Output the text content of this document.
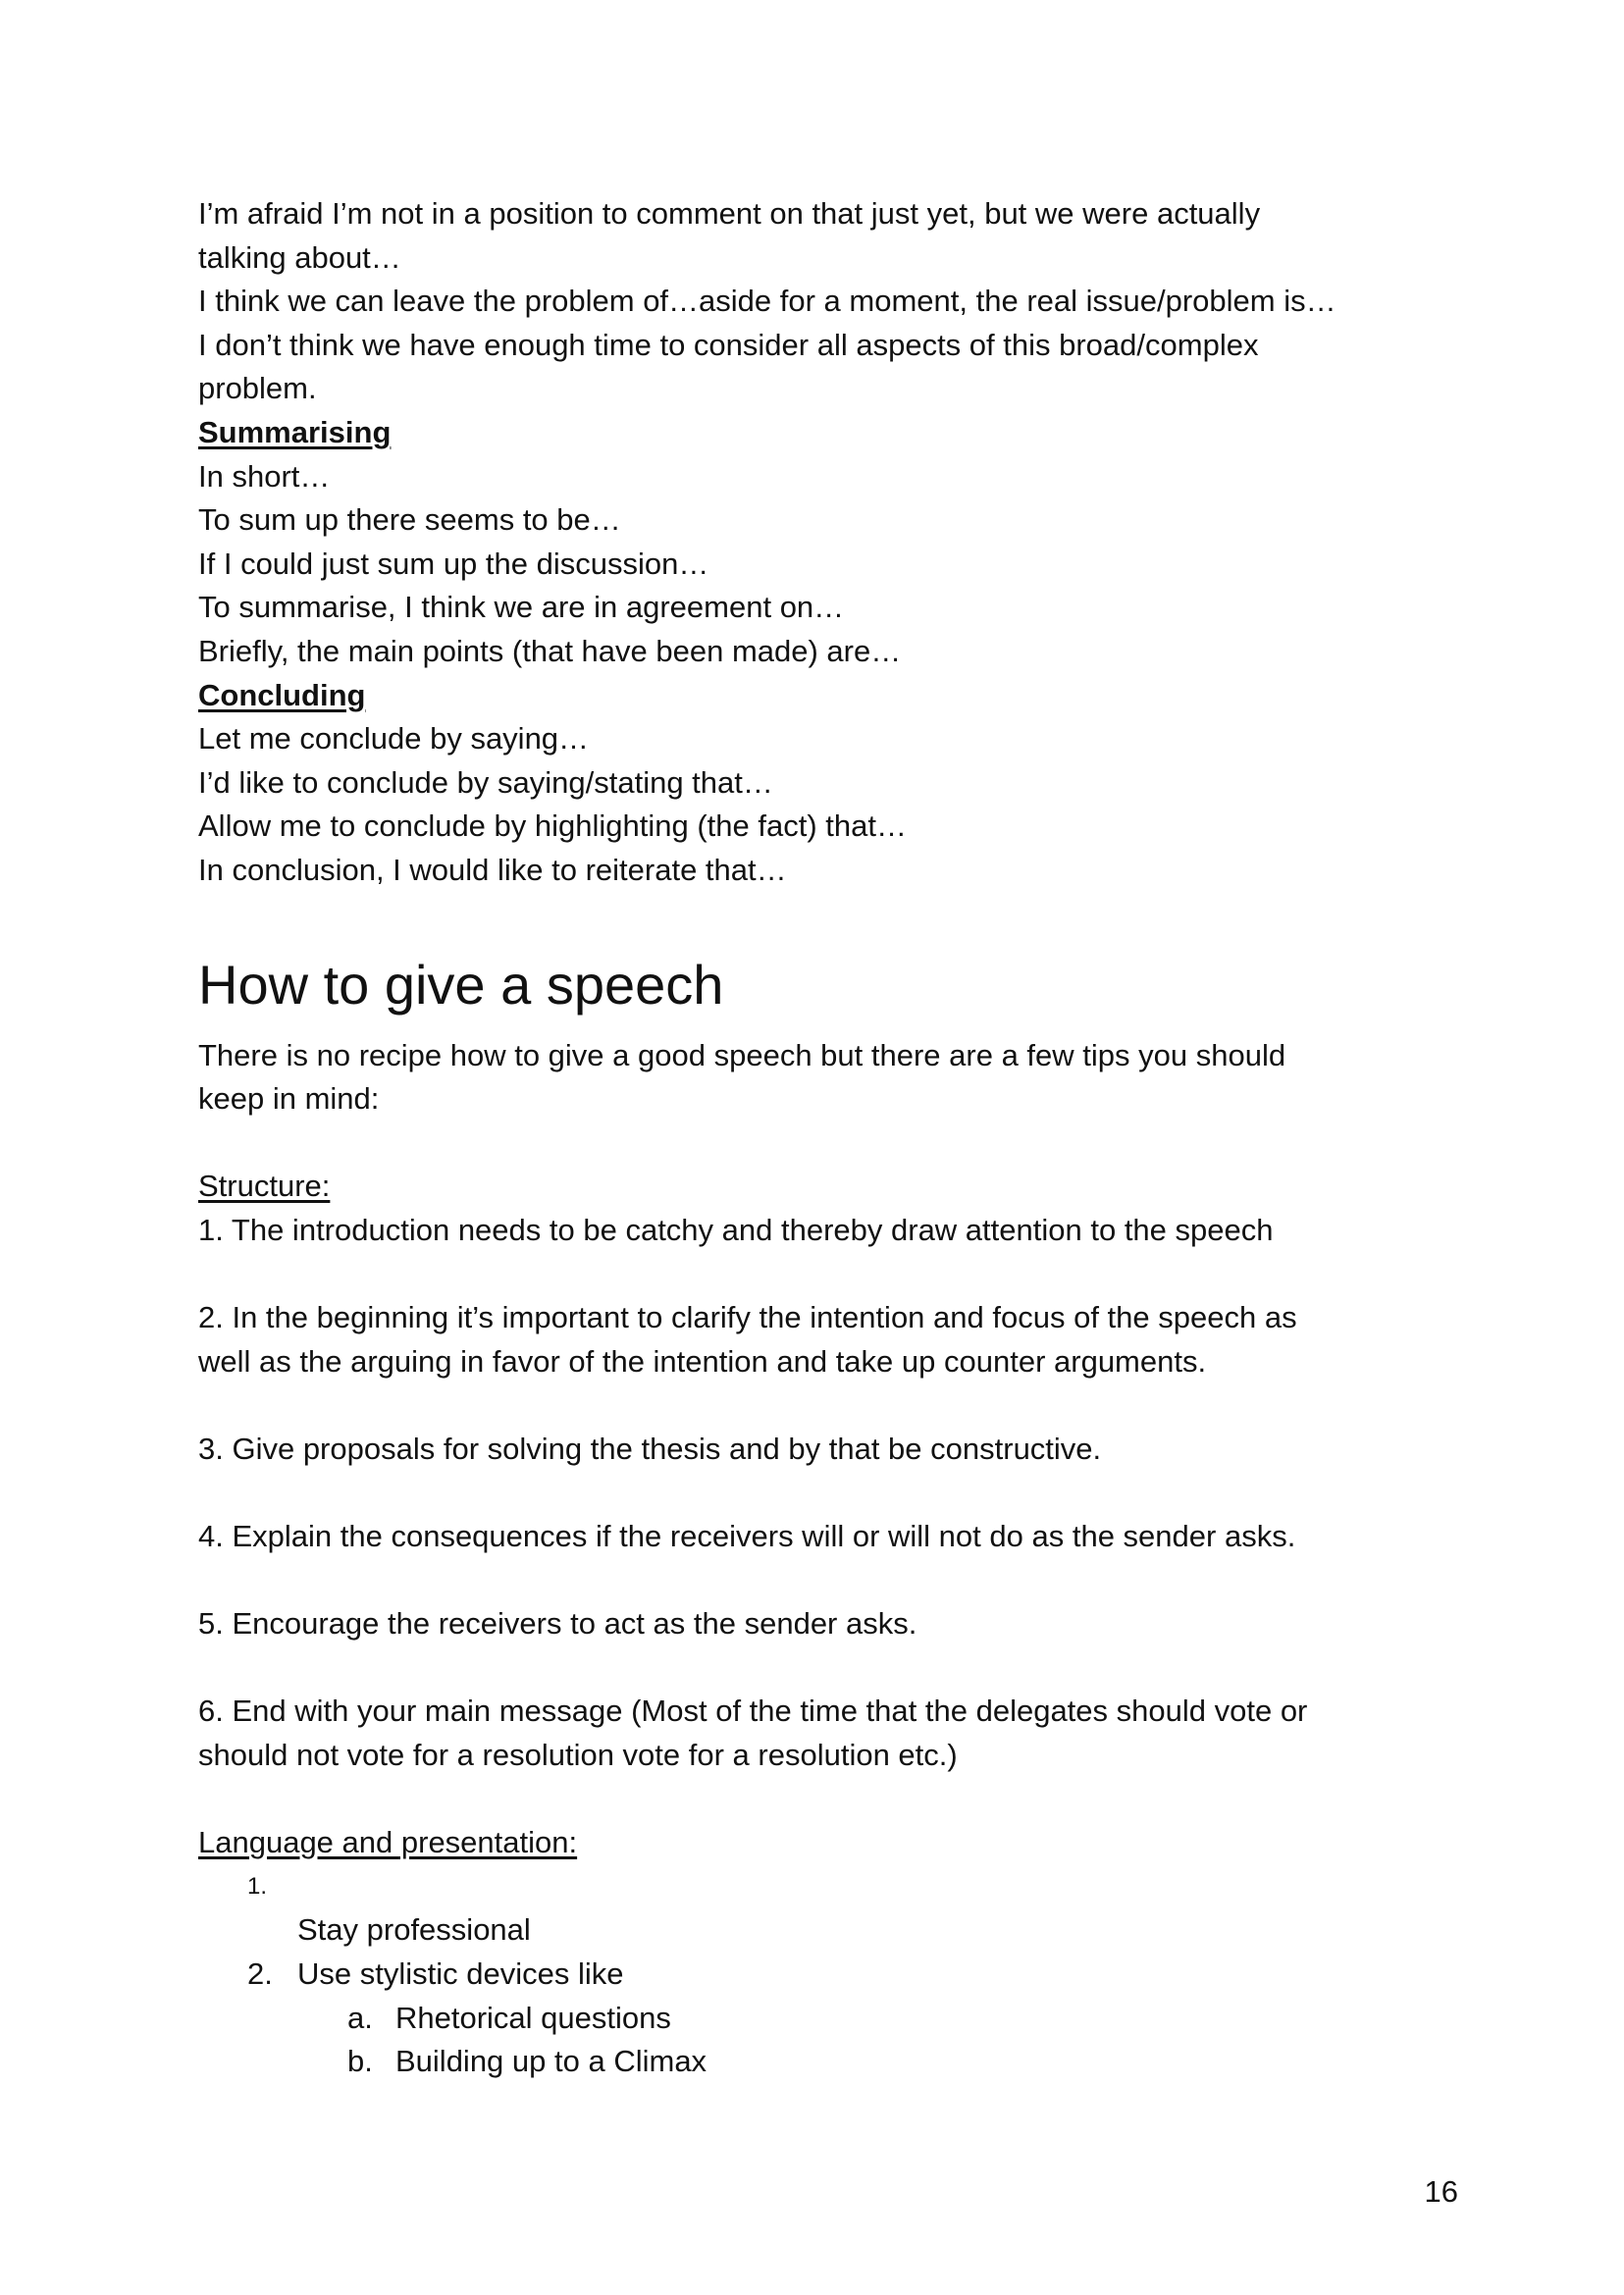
I’m afraid I’m not in a position to comment on that just yet, but we were actually
talking about…
I think we can leave the problem of…aside for a moment, the real issue/problem is…
I don’t think we have enough time to consider all aspects of this broad/complex
problem.
Summarising
In short…
To sum up there seems to be…
If I could just sum up the discussion…
To summarise, I think we are in agreement on…
Briefly, the main points (that have been made) are…
Concluding
Let me conclude by saying…
I’d like to conclude by saying/stating that…
Allow me to conclude by highlighting (the fact) that…
In conclusion, I would like to reiterate that…
How to give a speech
There is no recipe how to give a good speech but there are a few tips you should
keep in mind:
Structure:
1. The introduction needs to be catchy and thereby draw attention to the speech
2. In the beginning it’s important to clarify the intention and focus of the speech as
well as the arguing in favor of the intention and take up counter arguments.
3. Give proposals for solving the thesis and by that be constructive.
4. Explain the consequences if the receivers will or will not do as the sender asks.
5. Encourage the receivers to act as the sender asks.
6. End with your main message (Most of the time that the delegates should vote or
should not vote for a resolution vote for a resolution etc.)
Language and presentation:
1.

Stay professional
2. Use stylistic devices like
a. Rhetorical questions
b. Building up to a Climax
16
